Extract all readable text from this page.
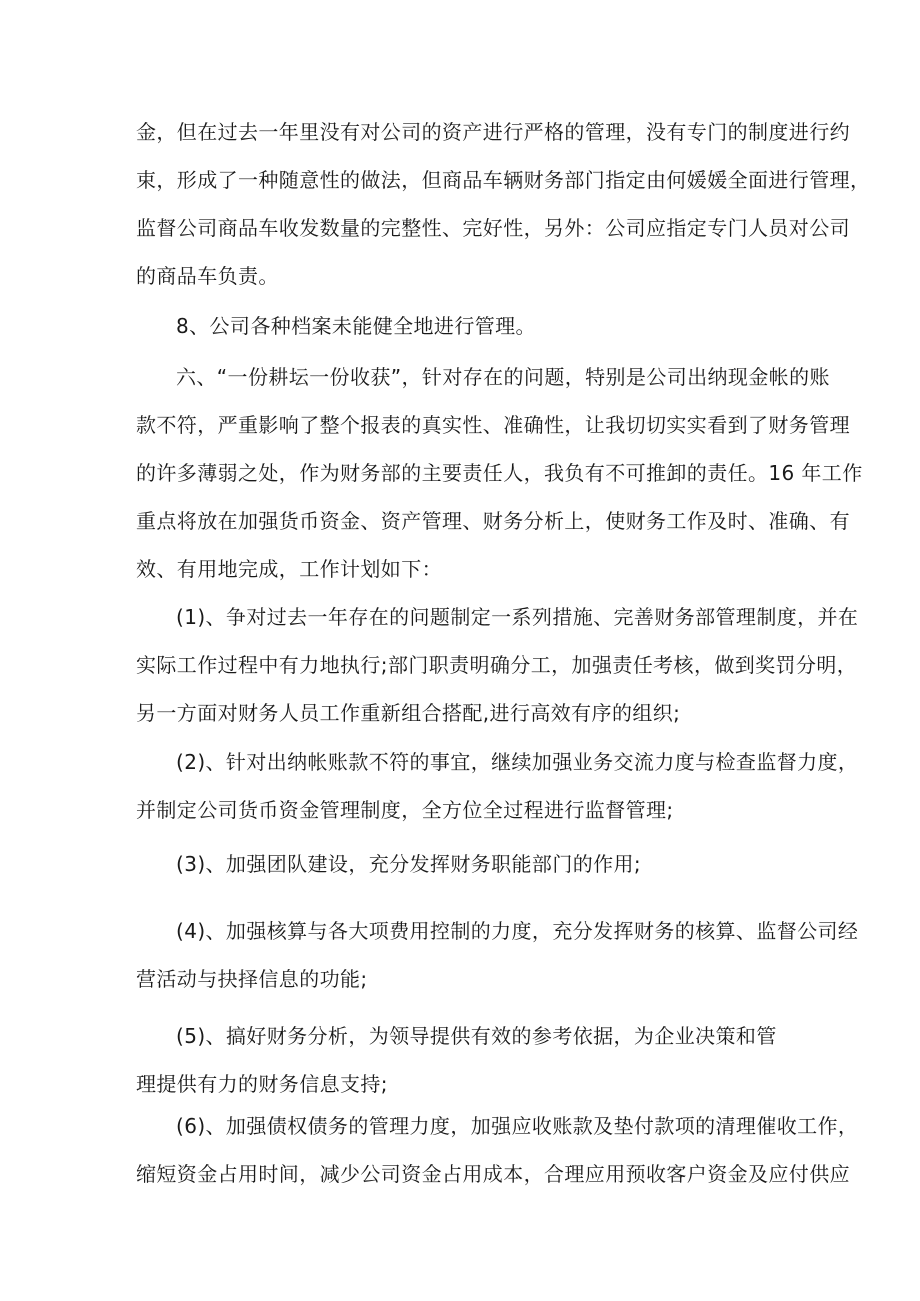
金，但在过去一年里没有对公司的资产进行严格的管理，没有专门的制度进行约
束，形成了一种随意性的做法，但商品车辆财务部门指定由何媛媛全面进行管理，
监督公司商品车收发数量的完整性、完好性，另外：公司应指定专门人员对公司
的商品车负责。
8、公司各种档案未能健全地进行管理。
六、“一份耕坛一份收获”，针对存在的问题，特别是公司出纳现金帐的账
款不符，严重影响了整个报表的真实性、准确性，让我切切实实看到了财务管理
的许多薄弱之处，作为财务部的主要责任人，我负有不可推卸的责任。16 年工作
重点将放在加强货币资金、资产管理、财务分析上，使财务工作及时、准确、有
效、有用地完成，工作计划如下：
(1)、争对过去一年存在的问题制定一系列措施、完善财务部管理制度，并在
实际工作过程中有力地执行;部门职责明确分工，加强责任考核，做到奖罚分明，
另一方面对财务人员工作重新组合搭配,进行高效有序的组织;
(2)、针对出纳帐账款不符的事宜，继续加强业务交流力度与检查监督力度，
并制定公司货币资金管理制度，全方位全过程进行监督管理;
(3)、加强团队建设，充分发挥财务职能部门的作用;
(4)、加强核算与各大项费用控制的力度，充分发挥财务的核算、监督公司经
营活动与抉择信息的功能;
(5)、搞好财务分析，为领导提供有效的参考依据，为企业决策和管
理提供有力的财务信息支持;
(6)、加强债权债务的管理力度，加强应收账款及垫付款项的清理催收工作，
缩短资金占用时间，减少公司资金占用成本，合理应用预收客户资金及应付供应
